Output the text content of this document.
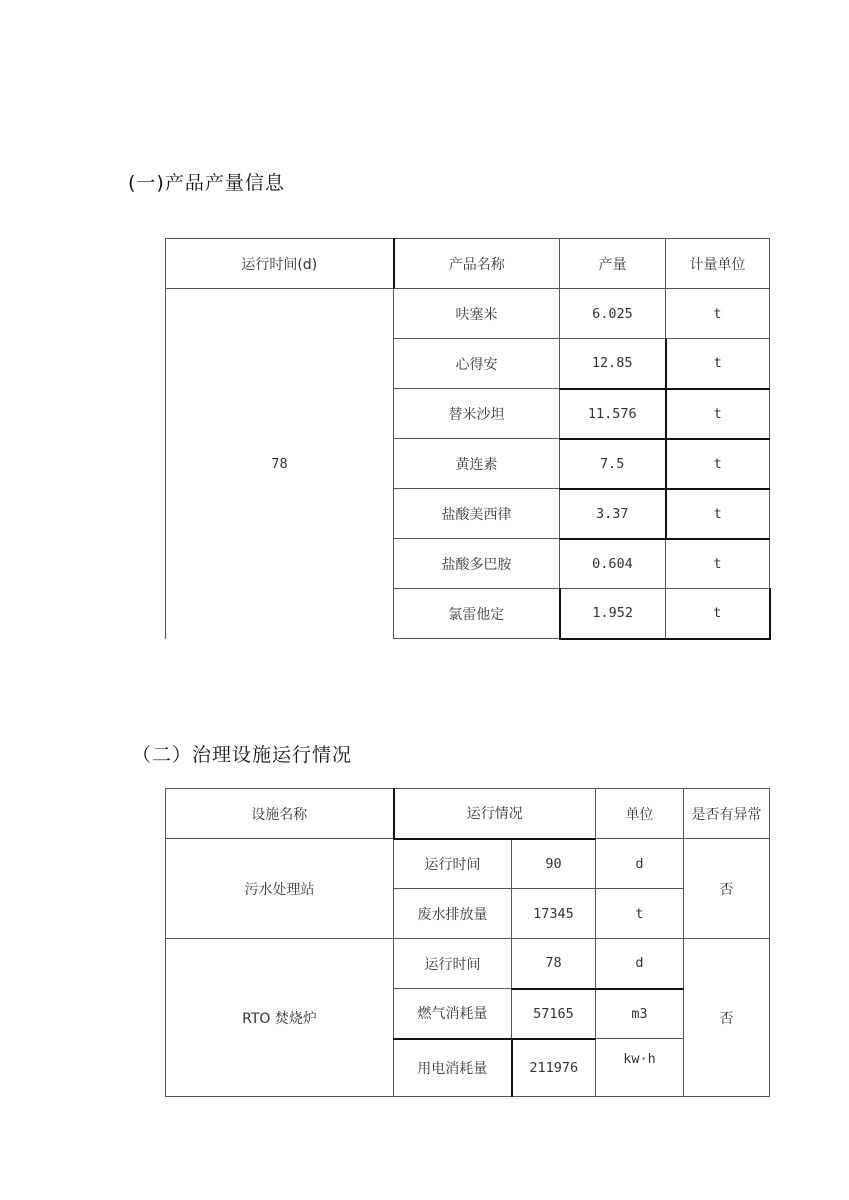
(一)产品产量信息
运行时间(d)	产品名称	产量	计量单位
78	呋塞米	6.025	t
	心得安	12.85	t
	替米沙坦	11.576	t
	黄连素	7.5	t
	盐酸美西律	3.37	t
	盐酸多巴胺	0.604	t
	氯雷他定	1.952	t
（二）治理设施运行情况
设施名称	运行情况		单位	是否有异常
污水处理站	运行时间	90	d	否
	废水排放量	17345	t	
RTO 焚烧炉	运行时间	78	d	否
	燃气消耗量	57165	m3	
	用电消耗量	211976	kw·h	
